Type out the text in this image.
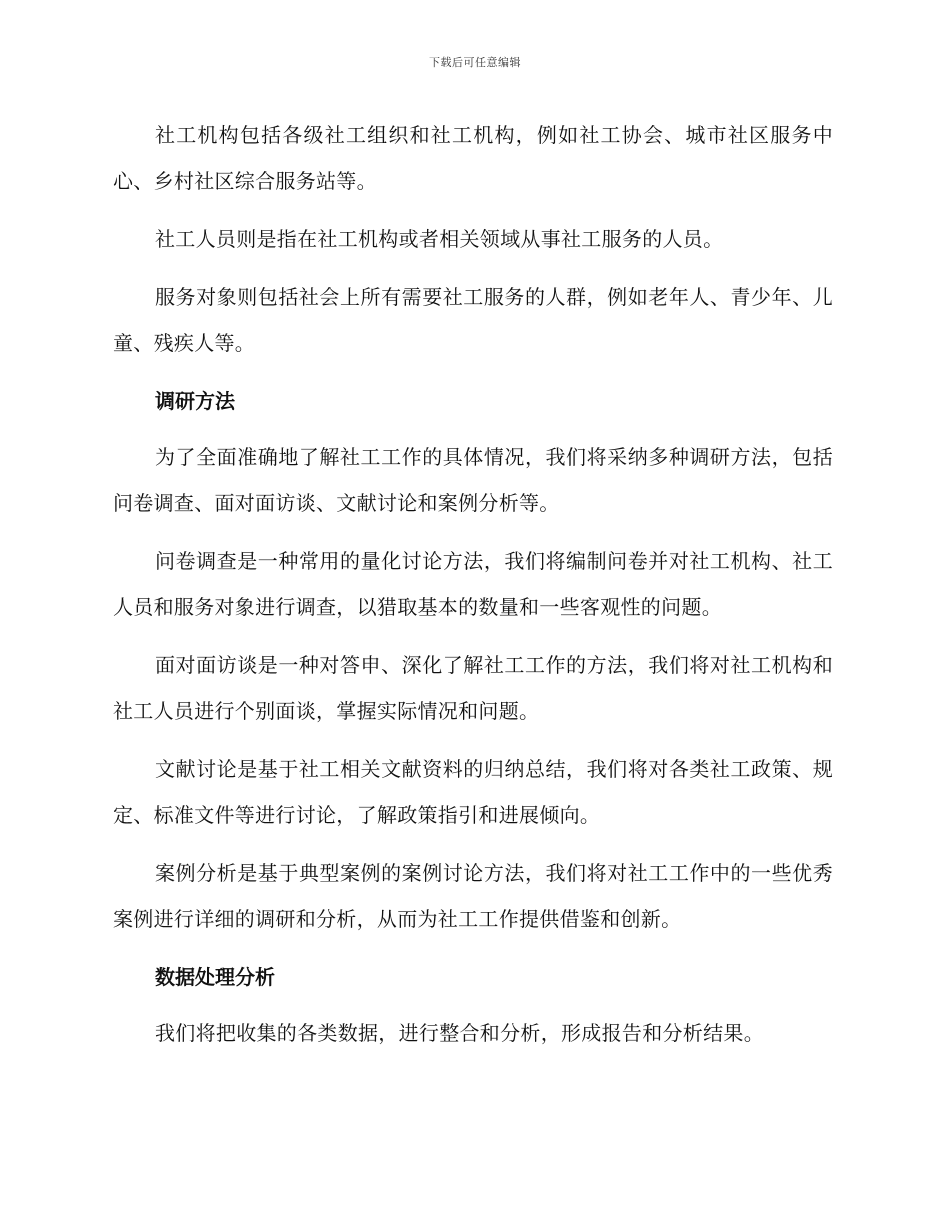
下载后可任意编辑

社工机构包括各级社工组织和社工机构，例如社工协会、城市社区服务中心、乡村社区综合服务站等。

社工人员则是指在社工机构或者相关领域从事社工服务的人员。

服务对象则包括社会上所有需要社工服务的人群，例如老年人、青少年、儿童、残疾人等。

调研方法

为了全面准确地了解社工工作的具体情况，我们将采纳多种调研方法，包括问卷调查、面对面访谈、文献讨论和案例分析等。

问卷调查是一种常用的量化讨论方法，我们将编制问卷并对社工机构、社工人员和服务对象进行调查，以猎取基本的数量和一些客观性的问题。

面对面访谈是一种对答申、深化了解社工工作的方法，我们将对社工机构和社工人员进行个别面谈，掌握实际情况和问题。

文献讨论是基于社工相关文献资料的归纳总结，我们将对各类社工政策、规定、标准文件等进行讨论，了解政策指引和进展倾向。

案例分析是基于典型案例的案例讨论方法，我们将对社工工作中的一些优秀案例进行详细的调研和分析，从而为社工工作提供借鉴和创新。

数据处理分析

我们将把收集的各类数据，进行整合和分析，形成报告和分析结果。
